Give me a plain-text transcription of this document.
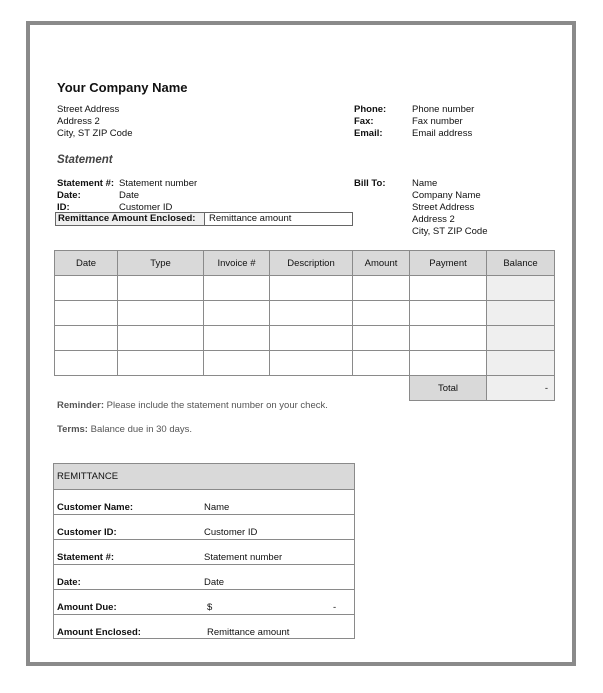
Your Company Name
Street Address
Address 2
City, ST ZIP Code
Phone:	Phone number
Fax:	Fax number
Email:	Email address
Statement
Statement #: Statement number
Date:	Date
ID:	Customer ID
Remittance Amount Enclosed:	Remittance amount
Bill To:	Name
Company Name
Street Address
Address 2
City, ST ZIP Code
Date	Type	Invoice #	Description	Amount	Payment	Balance

					Total	-
Reminder: Please include the statement number on your check.
Terms: Balance due in 30 days.
REMITTANCE
Customer Name:	Name
Customer ID:	Customer ID
Statement #:	Statement number
Date:	Date
Amount Due:	$	-
Amount Enclosed:	Remittance amount
